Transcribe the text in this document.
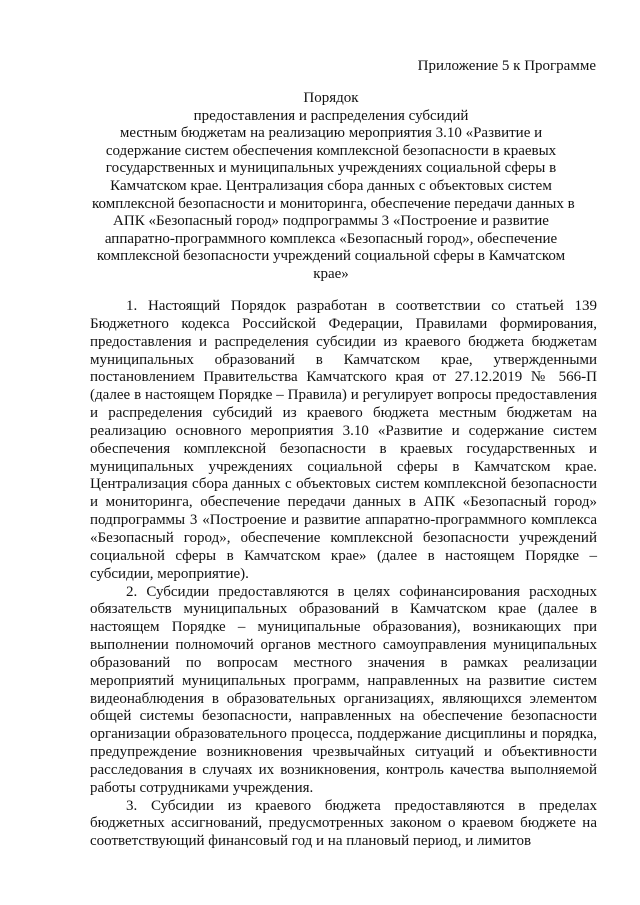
Приложение 5 к Программе
Порядок
предоставления и распределения субсидий
местным бюджетам на реализацию мероприятия 3.10 «Развитие и
содержание систем обеспечения комплексной безопасности в краевых
государственных и муниципальных учреждениях социальной сферы в
Камчатском крае. Централизация сбора данных с объектовых систем
комплексной безопасности и мониторинга, обеспечение передачи данных в
АПК «Безопасный город» подпрограммы 3 «Построение и развитие
аппаратно-программного комплекса «Безопасный город», обеспечение
комплексной безопасности учреждений социальной сферы в Камчатском
крае»

1. Настоящий Порядок разработан в соответствии со статьей 139 Бюджетного кодекса Российской Федерации, Правилами формирования, предоставления и распределения субсидии из краевого бюджета бюджетам муниципальных образований в Камчатском крае, утвержденными постановлением Правительства Камчатского края от 27.12.2019 № 566-П (далее в настоящем Порядке – Правила) и регулирует вопросы предоставления и распределения субсидий из краевого бюджета местным бюджетам на реализацию основного мероприятия 3.10 «Развитие и содержание систем обеспечения комплексной безопасности в краевых государственных и муниципальных учреждениях социальной сферы в Камчатском крае. Централизация сбора данных с объектовых систем комплексной безопасности и мониторинга, обеспечение передачи данных в АПК «Безопасный город» подпрограммы 3 «Построение и развитие аппаратно-программного комплекса «Безопасный город», обеспечение комплексной безопасности учреждений социальной сферы в Камчатском крае» (далее в настоящем Порядке – субсидии, мероприятие).

2. Субсидии предоставляются в целях софинансирования расходных обязательств муниципальных образований в Камчатском крае (далее в настоящем Порядке – муниципальные образования), возникающих при выполнении полномочий органов местного самоуправления муниципальных образований по вопросам местного значения в рамках реализации мероприятий муниципальных программ, направленных на развитие систем видеонаблюдения в образовательных организациях, являющихся элементом общей системы безопасности, направленных на обеспечение безопасности организации образовательного процесса, поддержание дисциплины и порядка, предупреждение возникновения чрезвычайных ситуаций и объективности расследования в случаях их возникновения, контроль качества выполняемой работы сотрудниками учреждения.

3. Субсидии из краевого бюджета предоставляются в пределах бюджетных ассигнований, предусмотренных законом о краевом бюджете на соответствующий финансовый год и на плановый период, и лимитов
